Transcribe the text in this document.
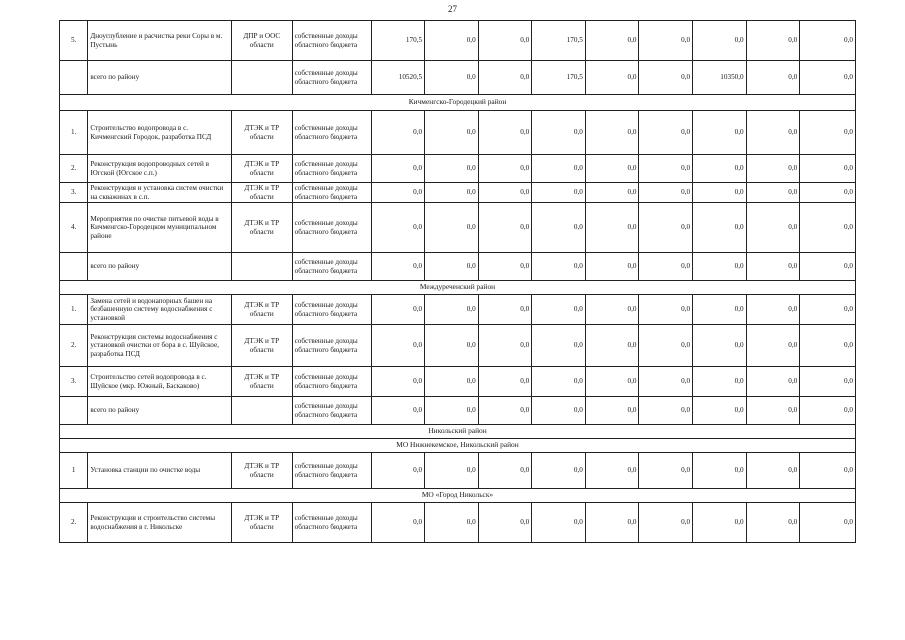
27
5.	Дноуглубление и расчистка реки Соры в м. Пустынь	ДПР и ООС области	собственные доходы областного бюджета	170,5	0,0	0,0	170,5	0,0	0,0	0,0	0,0	0,0
	всего по району		собственные доходы областного бюджета	10520,5	0,0	0,0	170,5	0,0	0,0	10350,0	0,0	0,0
Кичменгско-Городецкий район												
1.	Строительство водопровода в с. Кичменгский Городок, разработка ПСД	ДТЭК и ТР области	собственные доходы областного бюджета	0,0	0,0	0,0	0,0	0,0	0,0	0,0	0,0	0,0
2.	Реконструкция водопроводных сетей в Югской (Югское с.п.)	ДТЭК и ТР области	собственные доходы областного бюджета	0,0	0,0	0,0	0,0	0,0	0,0	0,0	0,0	0,0
3.	Реконструкция и установка систем очистки на скважинах в с.п.	ДТЭК и ТР области	собственные доходы областного бюджета	0,0	0,0	0,0	0,0	0,0	0,0	0,0	0,0	0,0
4.	Мероприятия по очистке питьевой воды в Кичменгско-Городецком муниципальном районе	ДТЭК и ТР области	собственные доходы областного бюджета	0,0	0,0	0,0	0,0	0,0	0,0	0,0	0,0	0,0
	всего по району		собственные доходы областного бюджета	0,0	0,0	0,0	0,0	0,0	0,0	0,0	0,0	0,0
Междуреченский район												
1.	Замена сетей и водонапорных башен на безбашенную систему водоснабжения с установкой	ДТЭК и ТР области	собственные доходы областного бюджета	0,0	0,0	0,0	0,0	0,0	0,0	0,0	0,0	0,0
2.	Реконструкция системы водоснабжения с установкой очистки от бора в с. Шуйское, разработка ПСД	ДТЭК и ТР области	собственные доходы областного бюджета	0,0	0,0	0,0	0,0	0,0	0,0	0,0	0,0	0,0
3.	Строительство сетей водопровода в с. Шуйское (мкр. Южный, Баскаково)	ДТЭК и ТР области	собственные доходы областного бюджета	0,0	0,0	0,0	0,0	0,0	0,0	0,0	0,0	0,0
	всего по району		собственные доходы областного бюджета	0,0	0,0	0,0	0,0	0,0	0,0	0,0	0,0	0,0
Никольский район												
МО Нижнекемское, Никольский район												
1	Установка станции по очистке воды	ДТЭК и ТР области	собственные доходы областного бюджета	0,0	0,0	0,0	0,0	0,0	0,0	0,0	0,0	0,0
МО «Город Никольск»												
2.	Реконструкция и строительство системы водоснабжения в г. Никольске	ДТЭК и ТР области	собственные доходы областного бюджета	0,0	0,0	0,0	0,0	0,0	0,0	0,0	0,0	0,0
